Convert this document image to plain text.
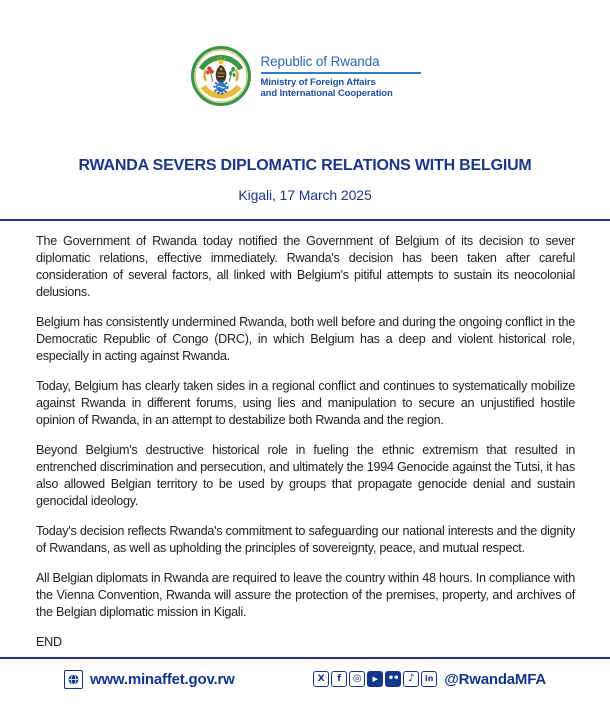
Republic of Rwanda
Ministry of Foreign Affairs
and International Cooperation
RWANDA SEVERS DIPLOMATIC RELATIONS WITH BELGIUM
Kigali, 17 March 2025

The Government of Rwanda today notified the Government of Belgium of its decision to sever diplomatic relations, effective immediately. Rwanda's decision has been taken after careful consideration of several factors, all linked with Belgium's pitiful attempts to sustain its neocolonial delusions.

Belgium has consistently undermined Rwanda, both well before and during the ongoing conflict in the Democratic Republic of Congo (DRC), in which Belgium has a deep and violent historical role, especially in acting against Rwanda.

Today, Belgium has clearly taken sides in a regional conflict and continues to systematically mobilize against Rwanda in different forums, using lies and manipulation to secure an unjustified hostile opinion of Rwanda, in an attempt to destabilize both Rwanda and the region.

Beyond Belgium's destructive historical role in fueling the ethnic extremism that resulted in entrenched discrimination and persecution, and ultimately the 1994 Genocide against the Tutsi, it has also allowed Belgian territory to be used by groups that propagate genocide denial and sustain genocidal ideology.

Today's decision reflects Rwanda's commitment to safeguarding our national interests and the dignity of Rwandans, as well as upholding the principles of sovereignty, peace, and mutual respect.

All Belgian diplomats in Rwanda are required to leave the country within 48 hours. In compliance with the Vienna Convention, Rwanda will assure the protection of the premises, property, and archives of the Belgian diplomatic mission in Kigali.

END

www.minaffet.gov.rw	X	f	◎	▶ •• ♪	in @RwandaMFA
